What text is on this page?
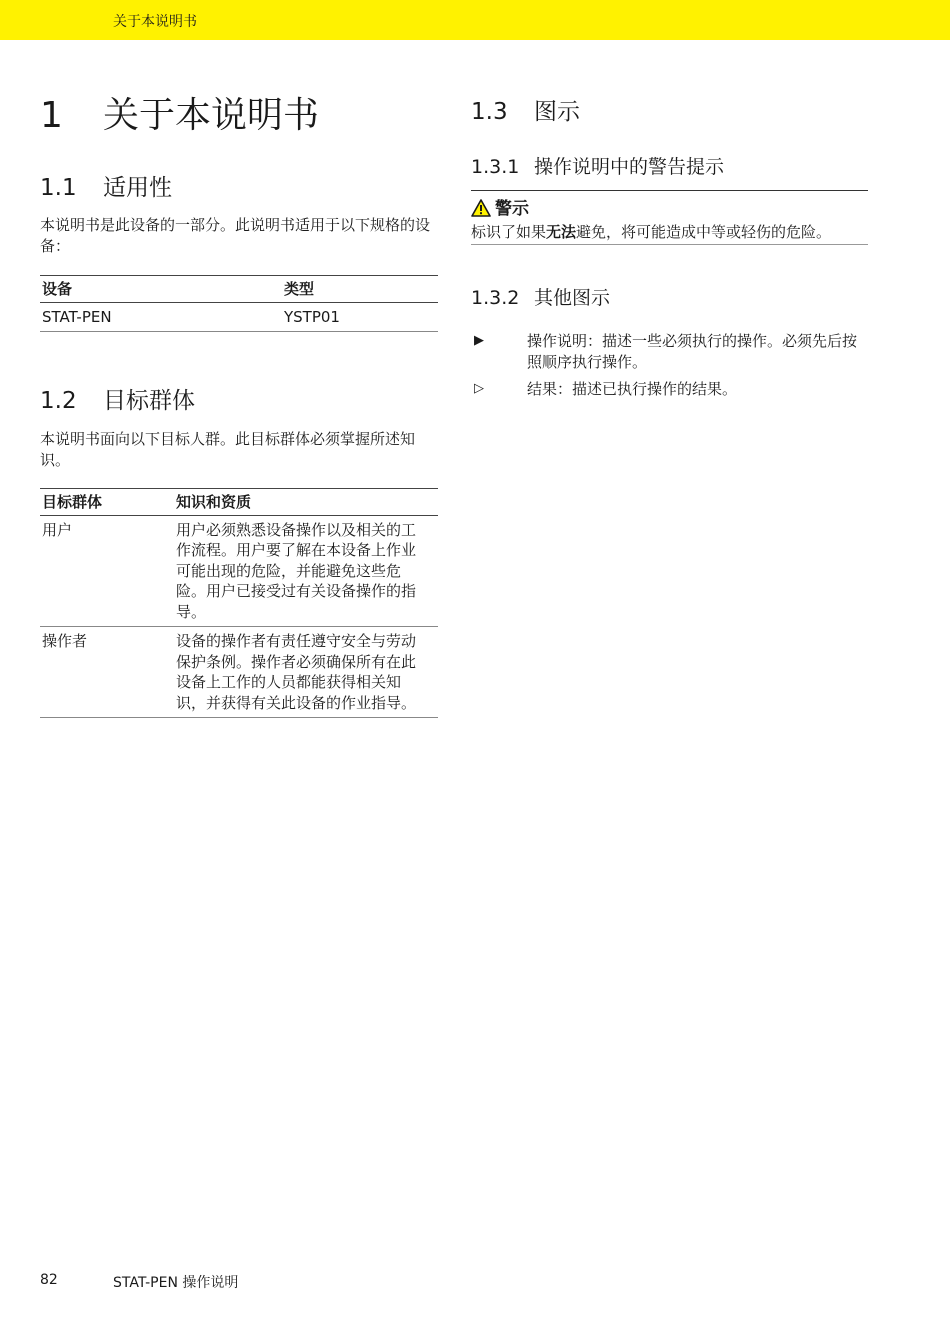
关于本说明书
1 关于本说明书
1.1 适用性
本说明书是此设备的一部分。此说明书适用于以下规格的设备：
设备	类型
STAT-PEN	YSTP01
1.2 目标群体
本说明书面向以下目标人群。此目标群体必须掌握所述知识。
目标群体	知识和资质
用户	用户必须熟悉设备操作以及相关的工作流程。用户要了解在本设备上作业可能出现的危险，并能避免这些危险。用户已接受过有关设备操作的指导。
操作者	设备的操作者有责任遵守安全与劳动保护条例。操作者必须确保所有在此设备上工作的人员都能获得相关知识，并获得有关此设备的作业指导。
1.3 图示
1.3.1 操作说明中的警告提示
警示
标识了如果无法避免，将可能造成中等或轻伤的危险。
1.3.2 其他图示
▶	操作说明：描述一些必须执行的操作。必须先后按照顺序执行操作。
▷	结果：描述已执行操作的结果。
82	STAT-PEN 操作说明
